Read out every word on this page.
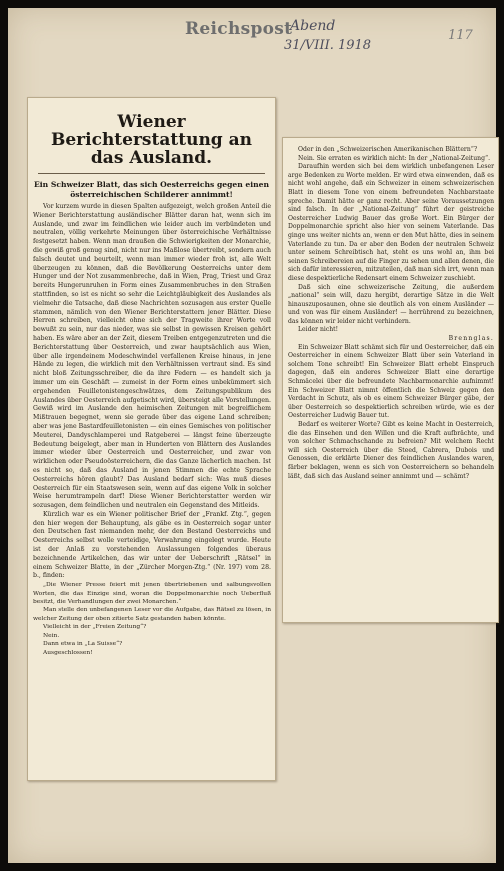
Reichspost
Abend
31/VIII. 1918
117
Wiener Berichterstattung an das Ausland.
Ein Schweizer Blatt, das sich Oesterreichs gegen einen österreichischen Schilderer annimmt!

Vor kurzem wurde in diesen Spalten aufgezeigt, welch großen Anteil die Wiener Berichterstattung ausländischer Blätter daran hat, wenn sich im Auslande, und zwar im feindlichen wie leider auch im verbündeten und neutralen, völlig verkehrte Meinungen über österreichische Verhältnisse festgesetzt haben. Wenn man draußen die Schwierigkeiten der Monarchie, die gewiß groß genug sind, nicht nur ins Maßlose übertreibt, sondern auch falsch deutet und beurteilt, wenn man immer wieder froh ist, alle Welt überzeugen zu können, daß die Bevölkerung Oesterreichs unter dem Hunger und der Not zusammenbreche, daß in Wien, Prag, Triest und Graz bereits Hungerunruhen in Form eines Zusammenbruches in den Straßen stattfinden, so ist es nicht so sehr die Leichtgläubigkeit des Auslandes als vielmehr die Tatsache, daß diese Nachrichten sozusagen aus erster Quelle stammen, nämlich von den Wiener Berichterstattern jener Blätter. Diese Herren schreiben, vielleicht ohne sich der Tragweite ihrer Worte voll bewußt zu sein, nur das nieder, was sie selbst in gewissen Kreisen gehört haben. Es wäre aber an der Zeit, diesem Treiben entgegenzutreten und die Berichterstattung über Oesterreich, und zwar hauptsächlich aus Wien, über alle irgendeinem Modeschwindel verfallenen Kreise hinaus, in jene Hände zu legen, die wirklich mit den Verhältnissen vertraut sind. Es sind nicht bloß Zeitungsschreiber, die da ihre Federn — es handelt sich ja immer um ein Geschäft — zumeist in der Form eines unbekümmert sich ergehenden Feuilletonistengeschwätzes, dem Zeitungspublikum des Auslandes über Oesterreich aufgetischt wird, übersteigt alle Vorstellungen. Gewiß wird im Auslande den heimischen Zeitungen mit begreiflichem Mißtrauen begegnet, wenn sie gerade über das eigene Land schreiben; aber was jene Bastardfeuilletonisten — ein eines Gemisches von politischer Meuterei, Dandyschlamperei und Ratgeberei — längst feine überzeugte Bedeutung beigelegt, aber man in Hunderten von Blättern des Auslandes immer wieder über Oesterreich und Oesterreicher, und zwar von wirklichen oder Pseudoösterreichern, die das Ganze lächerlich machen. Ist es nicht so, daß das Ausland in jenen Stimmen die echte Sprache Oesterreichs hören glaubt? Das Ausland bedarf sich: Was muß dieses Oesterreich für ein Staatswesen sein, wenn auf das eigene Volk in solcher Weise herumtrampeln darf! Diese Wiener Berichterstatter werden wir sozusagen, dem feindlichen und neutralen ein Gegenstand des Mitleids.

Kürzlich war es ein Wiener politischer Brief der „Frankf. Ztg.“, gegen den hier wegen der Behauptung, als gäbe es in Oesterreich sogar unter den Deutschen fast niemanden mehr, der den Bestand Oesterreichs und Oesterreichs selbst wolle verteidige, Verwahrung eingelegt wurde. Heute ist der Anlaß zu vorstehenden Auslassungen folgendes überaus bezeichnende Artikelchen, das wir unter der Ueberschrift „Rätsel“ in einem Schweizer Blatte, in der „Zürcher Morgen-Ztg.“ (Nr. 197) vom 28. b., finden:

„Die Wiener Presse feiert mit jenen übertriebenen und salbungsvollen Worten, die das Einzige sind, woran die Doppelmonarchie noch Ueberfluß besitzt, die Verhandlungen der zwei Monarchen.“

Man stelle den unbefangenen Leser vor die Aufgabe, das Rätsel zu lösen, in welcher Zeitung der oben zitierte Satz gestanden haben könnte.

Vielleicht in der „Freien Zeitung“?

Nein.

Dann etwa in „La Suisse“?

Ausgeschlossen!

Oder in den „Schweizerischen Amerikanischen Blättern“?

Nein. Sie erraten es wirklich nicht: In der „National-Zeitung“.

Daraufhin werden sich bei dem wirklich unbefangenen Leser arge Bedenken zu Worte melden. Er wird etwa einwenden, daß es nicht wohl angehe, daß ein Schweizer in einem schweizerischen Blatt in diesem Tone von einem befreundeten Nachbarstaate spreche. Damit hätte er ganz recht. Aber seine Voraussetzungen sind falsch. In der „National-Zeitung“ führt der geistreiche Oesterreicher Ludwig Bauer das große Wort. Ein Bürger der Doppelmonarchie spricht also hier von seinem Vaterlande. Das ginge uns weiter nichts an, wenn er den Mut hätte, dies in seinem Vaterlande zu tun. Da er aber den Boden der neutralen Schweiz unter seinem Schreibtisch hat, steht es uns wohl an, ihm bei seinen Schreibereien auf die Finger zu sehen und allen denen, die sich dafür interessieren, mitzuteilen, daß man sich irrt, wenn man diese despektierliche Redensart einem Schweizer zuschiebt.

Daß sich eine schweizerische Zeitung, die außerdem „national“ sein will, dazu hergibt, derartige Sätze in die Welt hinauszuposaunen, ohne sie deutlich als von einem Ausländer — und von was für einem Ausländer! — herrührend zu bezeichnen, das können wir leider nicht verhindern.

Leider nicht!

Brennglas.

Ein Schweizer Blatt schämt sich für und Oesterreicher, daß ein Oesterreicher in einem Schweizer Blatt über sein Vaterland in solchem Tone schreibt! Ein Schweizer Blatt erhebt Einspruch dagegen, daß ein anderes Schweizer Blatt eine derartige Schmäcelei über die befreundete Nachbarmonarchie aufnimmt! Ein Schweizer Blatt nimmt öffentlich die Schweiz gegen den Verdacht in Schutz, als ob es einem Schweizer Bürger gäbe, der über Oesterreich so despektierlich schreiben würde, wie es der Oesterreicher Ludwig Bauer tut.

Bedarf es weiterer Worte? Gibt es keine Macht in Oesterreich, die das Einsehen und den Willen und die Kraft aufbrächte, und von solcher Schmachschande zu befreien? Mit welchem Recht will sich Oesterreich über die Steed, Cabrera, Dubois und Genossen, die erklärte Diener des feindlichen Auslandes waren, färber beklagen, wenn es sich von Oesterreichern so behandeln läßt, daß sich das Ausland seiner annimmt und — schämt?
